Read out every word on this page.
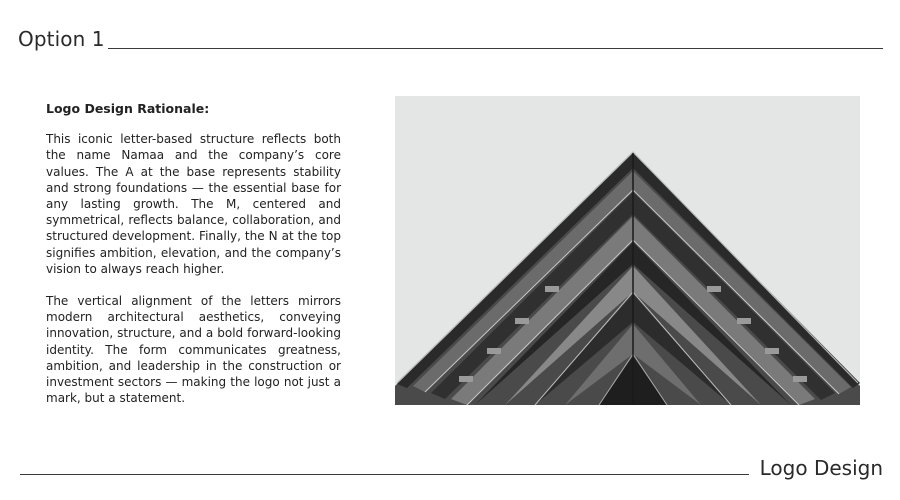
Option 1

Logo Design Rationale:

This iconic letter-based structure reflects both the name Namaa and the company’s core values. The A at the base represents stability and strong foundations — the essential base for any lasting growth. The M, centered and symmetrical, reflects balance, collaboration, and structured development. Finally, the N at the top signifies ambition, elevation, and the company’s vision to always reach higher.

The vertical alignment of the letters mirrors modern architectural aesthetics, conveying innovation, structure, and a bold forward-looking identity. The form communicates greatness, ambition, and leadership in the construction or investment sectors — making the logo not just a mark, but a statement.

Logo Design
